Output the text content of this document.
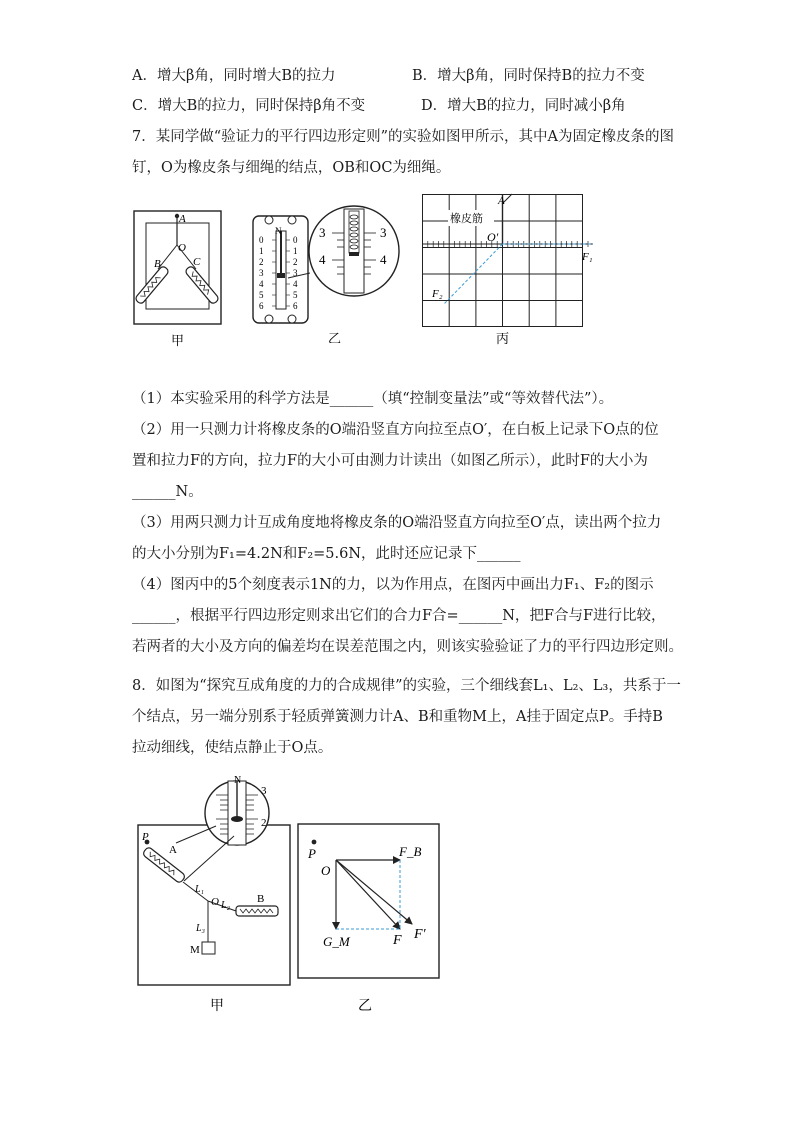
A．增大β角，同时增大B的拉力	B．增大β角，同时保持B的拉力不变
C．增大B的拉力，同时保持β角不变	D．增大B的拉力，同时减小β角
7．某同学做“验证力的平行四边形定则”的实验如图甲所示，其中A为固定橡皮条的图
钉，O为橡皮条与细绳的结点，OB和OC为细绳。
A
O
B	C
甲
N
0
1
2
3
4
5
6
0
1
2
3
4
5
6
3
4
3
4
乙
橡皮筋
A
O′
F₁
F₂
丙
（1）本实验采用的科学方法是______（填“控制变量法”或“等效替代法”）。
（2）用一只测力计将橡皮条的O端沿竖直方向拉至点O′，在白板上记录下O点的位
置和拉力F的方向，拉力F的大小可由测力计读出（如图乙所示），此时F的大小为
______N。
（3）用两只测力计互成角度地将橡皮条的O端沿竖直方向拉至O′点，读出两个拉力
的大小分别为F₁=4.2N和F₂=5.6N，此时还应记录下______
（4）图丙中的5个刻度表示1N的力，以为作用点，在图丙中画出力F₁、F₂的图示
______，根据平行四边形定则求出它们的合力F合=______N，把F合与F进行比较，
若两者的大小及方向的偏差均在误差范围之内，则该实验验证了力的平行四边形定则。
8．如图为“探究互成角度的力的合成规律”的实验，三个细线套L₁、L₂、L₃，共系于一
个结点，另一端分别系于轻质弹簧测力计A、B和重物M上，A挂于固定点P。手持B
拉动细线，使结点静止于O点。
N
3
2
P
A
L₁
O L₂
B
L₃
M
甲
P
O
F_B
G_M	F F′
乙
